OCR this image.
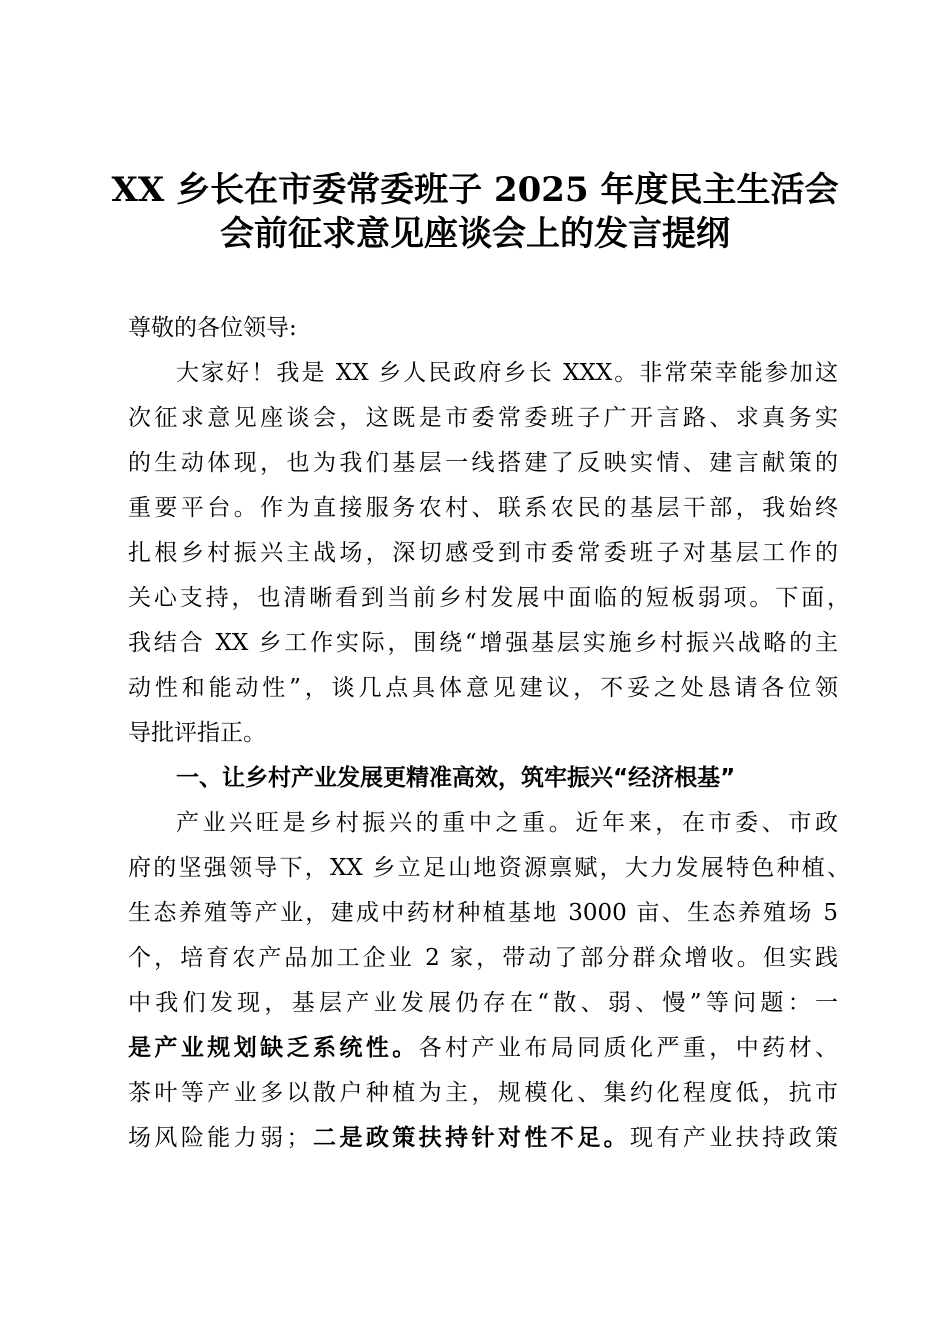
XX 乡长在市委常委班子 2025 年度民主生活会
会前征求意见座谈会上的发言提纲
尊敬的各位领导:
大家好！我是 XX 乡人民政府乡长 XXX。非常荣幸能参加这
次征求意见座谈会，这既是市委常委班子广开言路、求真务实
的生动体现，也为我们基层一线搭建了反映实情、建言献策的
重要平台。作为直接服务农村、联系农民的基层干部，我始终
扎根乡村振兴主战场，深切感受到市委常委班子对基层工作的
关心支持，也清晰看到当前乡村发展中面临的短板弱项。下面，
我结合 XX 乡工作实际，围绕“增强基层实施乡村振兴战略的主
动性和能动性”，谈几点具体意见建议，不妥之处恳请各位领
导批评指正。
一、让乡村产业发展更精准高效，筑牢振兴“经济根基”
产业兴旺是乡村振兴的重中之重。近年来，在市委、市政
府的坚强领导下，XX 乡立足山地资源禀赋，大力发展特色种植、
生态养殖等产业，建成中药材种植基地 3000 亩、生态养殖场 5
个，培育农产品加工企业 2 家，带动了部分群众增收。但实践
中我们发现，基层产业发展仍存在“散、弱、慢”等问题：一
是产业规划缺乏系统性。各村产业布局同质化严重，中药材、
茶叶等产业多以散户种植为主，规模化、集约化程度低，抗市
场风险能力弱；二是政策扶持针对性不足。现有产业扶持政策
